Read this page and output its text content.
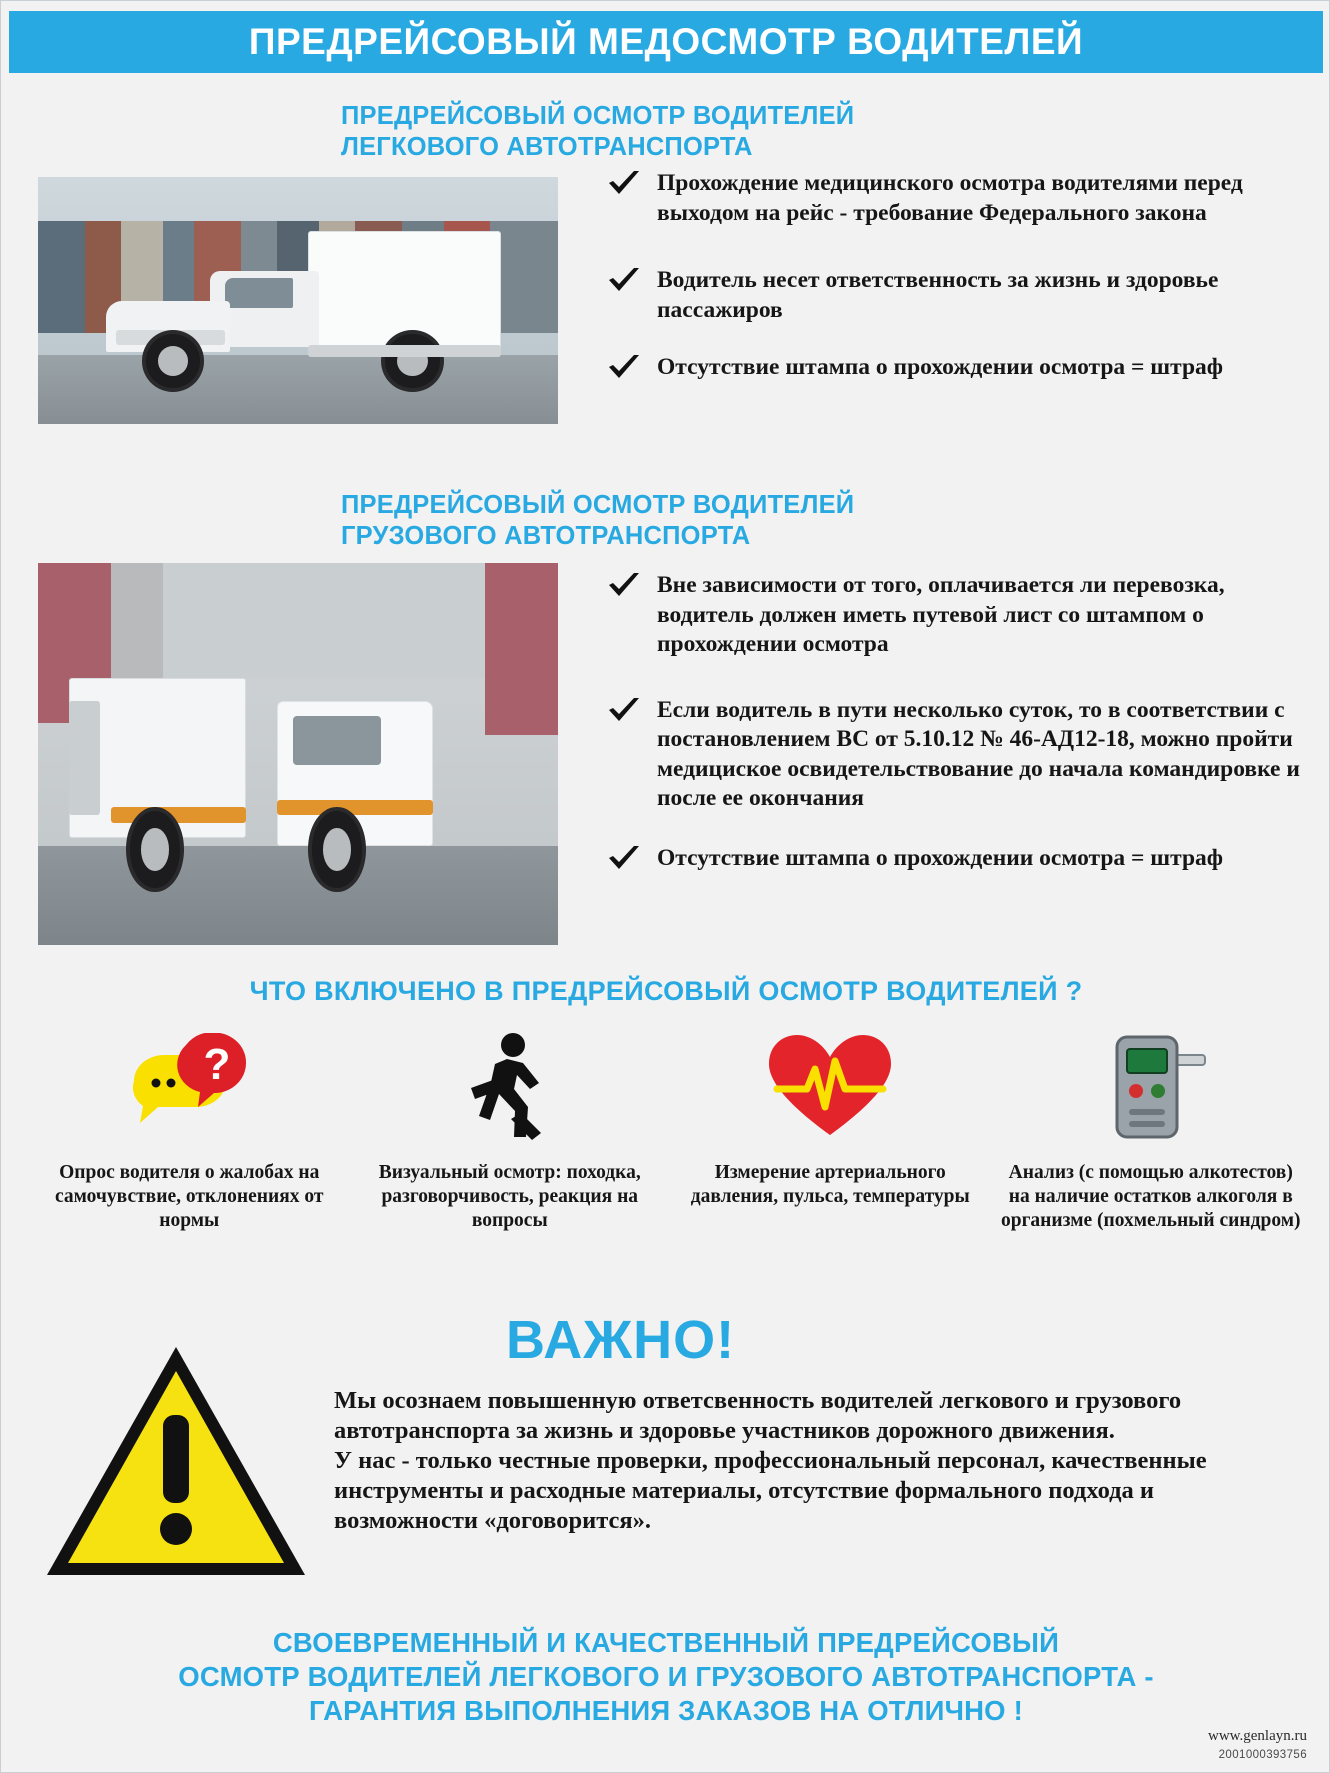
ПРЕДРЕЙСОВЫЙ МЕДОСМОТР ВОДИТЕЛЕЙ
ПРЕДРЕЙСОВЫЙ ОСМОТР ВОДИТЕЛЕЙ
ЛЕГКОВОГО АВТОТРАНСПОРТА
Прохождение медицинского осмотра водителями перед выходом на рейс - требование Федерального закона
Водитель несет ответственность за жизнь и здоровье пассажиров
Отсутствие штампа о прохождении осмотра = штраф
ПРЕДРЕЙСОВЫЙ ОСМОТР ВОДИТЕЛЕЙ
ГРУЗОВОГО АВТОТРАНСПОРТА
Вне зависимости от того, оплачивается ли перевозка, водитель должен иметь путевой лист со штампом о прохождении осмотра
Если водитель в пути несколько суток, то в соответствии с постановлением ВС от 5.10.12 № 46-АД12-18, можно пройти медициское освидетельствование до начала командировке и после ее окончания
Отсутствие штампа о прохождении осмотра = штраф
ЧТО ВКЛЮЧЕНО В ПРЕДРЕЙСОВЫЙ ОСМОТР ВОДИТЕЛЕЙ ?
?
Опрос водителя о жалобах на самочувствие, отклонениях от нормы
Визуальный осмотр: походка, разговорчивость, реакция на вопросы
Измерение артериального давления, пульса, температуры
Анализ (с помощью алкотестов) на наличие остатков алкоголя в организме (похмельный синдром)
ВАЖНО!

Мы осознаем повышенную ответсвенность водителей легкового и грузового автотранспорта за жизнь и здоровье участников дорожного движения.

У нас - только честные проверки, профессиональный персонал, качественные инструменты и расходные материалы, отсутствие формального подхода и возможности «договорится».

СВОЕВРЕМЕННЫЙ И КАЧЕСТВЕННЫЙ ПРЕДРЕЙСОВЫЙ
ОСМОТР ВОДИТЕЛЕЙ ЛЕГКОВОГО И ГРУЗОВОГО АВТОТРАНСПОРТА -
ГАРАНТИЯ ВЫПОЛНЕНИЯ ЗАКАЗОВ НА ОТЛИЧНО !
www.genlayn.ru
2001000393756
